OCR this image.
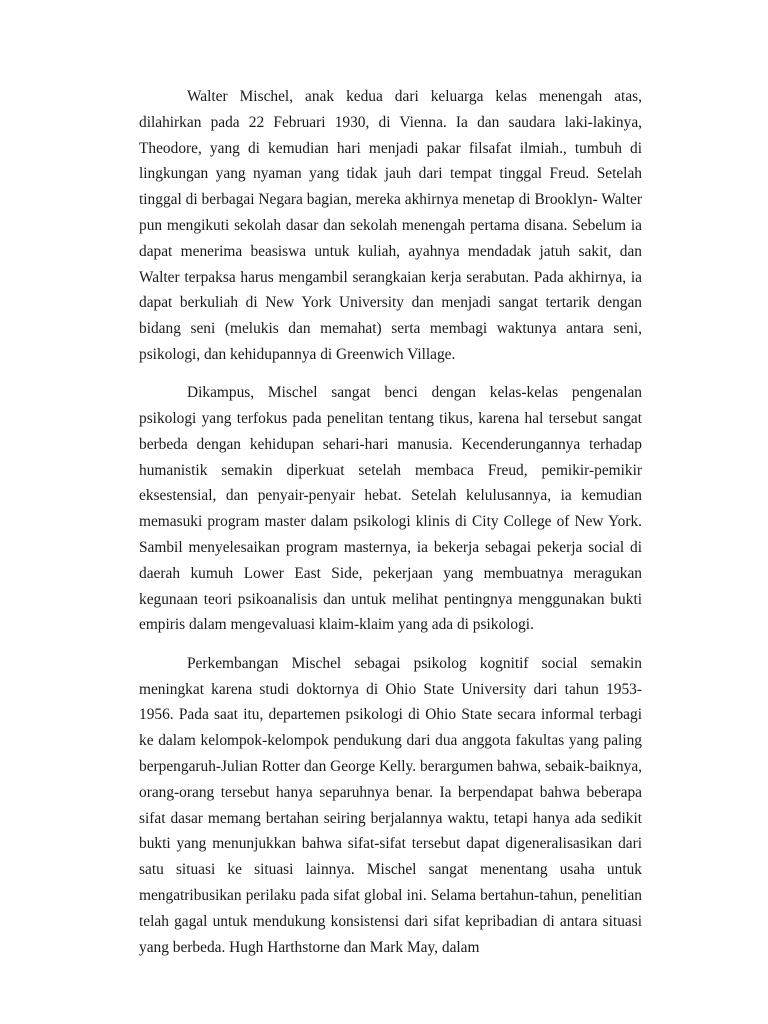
Walter Mischel, anak kedua dari keluarga kelas menengah atas, dilahirkan pada 22 Februari 1930, di Vienna. Ia dan saudara laki-lakinya, Theodore, yang di kemudian hari menjadi pakar filsafat ilmiah., tumbuh di lingkungan yang nyaman yang tidak jauh dari tempat tinggal Freud. Setelah tinggal di berbagai Negara bagian, mereka akhirnya menetap di Brooklyn- Walter pun mengikuti sekolah dasar dan sekolah menengah pertama disana. Sebelum ia dapat menerima beasiswa untuk kuliah, ayahnya mendadak jatuh sakit, dan Walter terpaksa harus mengambil serangkaian kerja serabutan. Pada akhirnya, ia dapat berkuliah di New York University dan menjadi sangat tertarik dengan bidang seni (melukis dan memahat) serta membagi waktunya antara seni, psikologi, dan kehidupannya di Greenwich Village.

Dikampus, Mischel sangat benci dengan kelas-kelas pengenalan psikologi yang terfokus pada penelitan tentang tikus, karena hal tersebut sangat berbeda dengan kehidupan sehari-hari manusia. Kecenderungannya terhadap humanistik semakin diperkuat setelah membaca Freud, pemikir-pemikir eksestensial, dan penyair-penyair hebat. Setelah kelulusannya, ia kemudian memasuki program master dalam psikologi klinis di City College of New York. Sambil menyelesaikan program masternya, ia bekerja sebagai pekerja social di daerah kumuh Lower East Side, pekerjaan yang membuatnya meragukan kegunaan teori psikoanalisis dan untuk melihat pentingnya menggunakan bukti empiris dalam mengevaluasi klaim-klaim yang ada di psikologi.

Perkembangan Mischel sebagai psikolog kognitif social semakin meningkat karena studi doktornya di Ohio State University dari tahun 1953-1956. Pada saat itu, departemen psikologi di Ohio State secara informal terbagi ke dalam kelompok-kelompok pendukung dari dua anggota fakultas yang paling berpengaruh-Julian Rotter dan George Kelly. berargumen bahwa, sebaik-baiknya, orang-orang tersebut hanya separuhnya benar. Ia berpendapat bahwa beberapa sifat dasar memang bertahan seiring berjalannya waktu, tetapi hanya ada sedikit bukti yang menunjukkan bahwa sifat-sifat tersebut dapat digeneralisasikan dari satu situasi ke situasi lainnya. Mischel sangat menentang usaha untuk mengatribusikan perilaku pada sifat global ini. Selama bertahun-tahun, penelitian telah gagal untuk mendukung konsistensi dari sifat kepribadian di antara situasi yang berbeda. Hugh Harthstorne dan Mark May, dalam
